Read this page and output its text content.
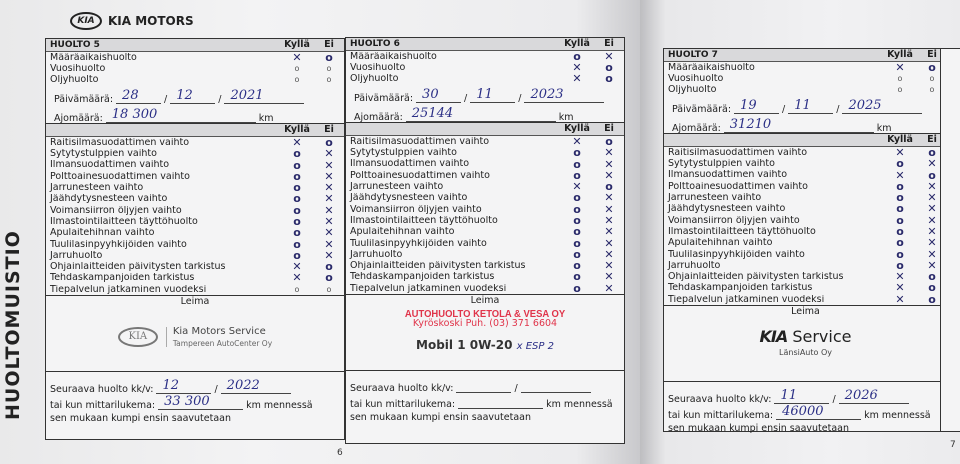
KIA	KIA MOTORS
HUOLTOMUISTIO
HUOLTO 5	Kyllä	Ei
Määräaikaishuolto	✕	o
Vuosihuolto	o	o
Öljyhuolto	o	o
Päivämäärä: 28	/ 12	/ 2021
Ajomäärä: 18 300	km
Kyllä	Ei
Raitisilmasuodattimen vaihto	✕	o
Sytytystulppien vaihto	o	✕
Ilmansuodattimen vaihto	o	✕
Polttoainesuodattimen vaihto	o	✕
Jarrunesteen vaihto	o	✕
Jäähdytysnesteen vaihto	o	✕
Voimansiirron öljyjen vaihto	o	✕
Ilmastointilaitteen täyttöhuolto	o	✕
Apulaitehihnan vaihto	o	✕
Tuulilasinpyyhkijöiden vaihto	o	✕
Jarruhuolto	o	✕
Ohjainlaitteiden päivitysten tarkistus	✕	o
Tehdaskampanjoiden tarkistus	✕	o
Tiepalvelun jatkaminen vuodeksi	o	o
Leima
KIA	Kia Motors Service
Tampereen AutoCenter Oy
Seuraava huolto kk/v: 12	/ 2022
tai kun mittarilukema: 33 300	km mennessä
sen mukaan kumpi ensin saavutetaan
HUOLTO 6	Kyllä	Ei
Määräaikaishuolto	o	✕
Vuosihuolto	✕	o
Öljyhuolto	✕	o
Päivämäärä: 30	/ 11	/ 2023
Ajomäärä: 25144	km
Kyllä	Ei
Raitisilmasuodattimen vaihto	✕	o
Sytytystulppien vaihto	o	✕
Ilmansuodattimen vaihto	o	✕
Polttoainesuodattimen vaihto	o	✕
Jarrunesteen vaihto	✕	o
Jäähdytysnesteen vaihto	o	✕
Voimansiirron öljyjen vaihto	o	✕
Ilmastointilaitteen täyttöhuolto	o	✕
Apulaitehihnan vaihto	o	✕
Tuulilasinpyyhkijöiden vaihto	o	✕
Jarruhuolto	o	✕
Ohjainlaitteiden päivitysten tarkistus	o	✕
Tehdaskampanjoiden tarkistus	o	✕
Tiepalvelun jatkaminen vuodeksi	o	✕
Leima
AUTOHUOLTO KETOLA & VESA OY
Kyröskoski Puh. (03) 371 6604
Mobil 1 0W-20 x ESP 2
Seuraava huolto kk/v:	/
tai kun mittarilukema:	km mennessä
sen mukaan kumpi ensin saavutetaan
HUOLTO 7	Kyllä	Ei
Määräaikaishuolto	✕	o
Vuosihuolto	o	o
Öljyhuolto	o	o
Päivämäärä: 19	/ 11	/ 2025
Ajomäärä: 31210	km
Kyllä	Ei
Raitisilmasuodattimen vaihto	✕	o
Sytytystulppien vaihto	o	✕
Ilmansuodattimen vaihto	✕	o
Polttoainesuodattimen vaihto	o	✕
Jarrunesteen vaihto	o	✕
Jäähdytysnesteen vaihto	o	✕
Voimansiirron öljyjen vaihto	o	✕
Ilmastointilaitteen täyttöhuolto	o	✕
Apulaitehihnan vaihto	o	✕
Tuulilasinpyyhkijöiden vaihto	o	✕
Jarruhuolto	o	✕
Ohjainlaitteiden päivitysten tarkistus	✕	o
Tehdaskampanjoiden tarkistus	✕	o
Tiepalvelun jatkaminen vuodeksi	✕	o
Leima
KIA Service
LänsiAuto Oy
Seuraava huolto kk/v: 11	/ 2026
tai kun mittarilukema: 46000	km mennessä
sen mukaan kumpi ensin saavutetaan
6
7
